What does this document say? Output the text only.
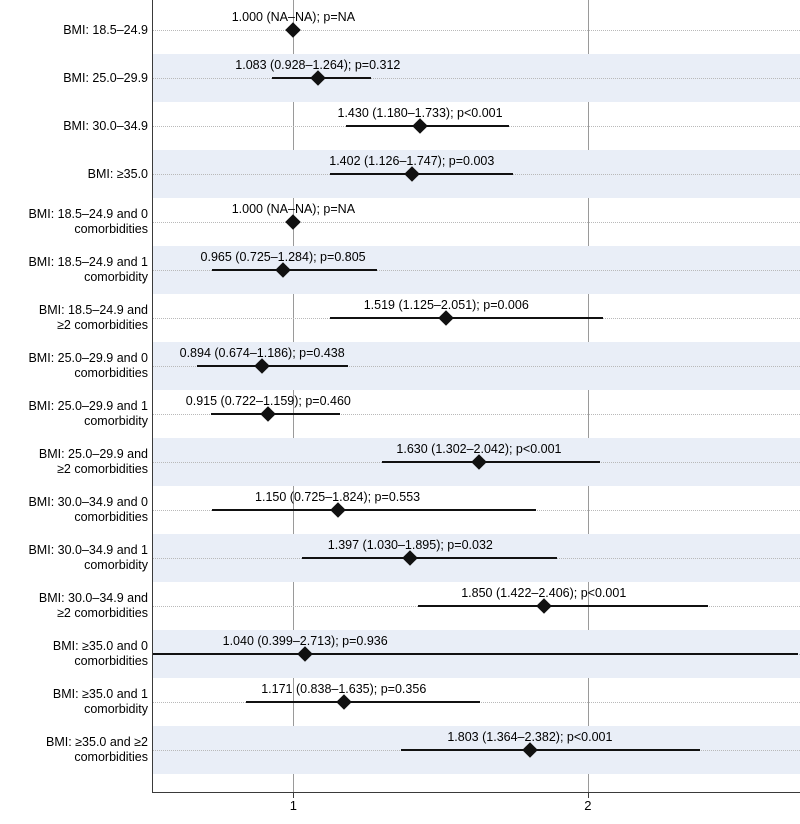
1.000 (NA–NA); p=NA
1.083 (0.928–1.264); p=0.312
1.430 (1.180–1.733); p<0.001
1.402 (1.126–1.747); p=0.003
1.000 (NA–NA); p=NA
0.965 (0.725–1.284); p=0.805
1.519 (1.125–2.051); p=0.006
0.894 (0.674–1.186); p=0.438
0.915 (0.722–1.159); p=0.460
1.630 (1.302–2.042); p<0.001
1.150 (0.725–1.824); p=0.553
1.397 (1.030–1.895); p=0.032
1.850 (1.422–2.406); p<0.001
1.040 (0.399–2.713); p=0.936
1.171 (0.838–1.635); p=0.356
1.803 (1.364–2.382); p<0.001
BMI: 18.5–24.9
BMI: 25.0–29.9
BMI: 30.0–34.9
BMI: ≥35.0
BMI: 18.5–24.9 and 0
comorbidities
BMI: 18.5–24.9 and 1
comorbidity
BMI: 18.5–24.9 and
≥2 comorbidities
BMI: 25.0–29.9 and 0
comorbidities
BMI: 25.0–29.9 and 1
comorbidity
BMI: 25.0–29.9 and
≥2 comorbidities
BMI: 30.0–34.9 and 0
comorbidities
BMI: 30.0–34.9 and 1
comorbidity
BMI: 30.0–34.9 and
≥2 comorbidities
BMI: ≥35.0 and 0
comorbidities
BMI: ≥35.0 and 1
comorbidity
BMI: ≥35.0 and ≥2
comorbidities
1	2
